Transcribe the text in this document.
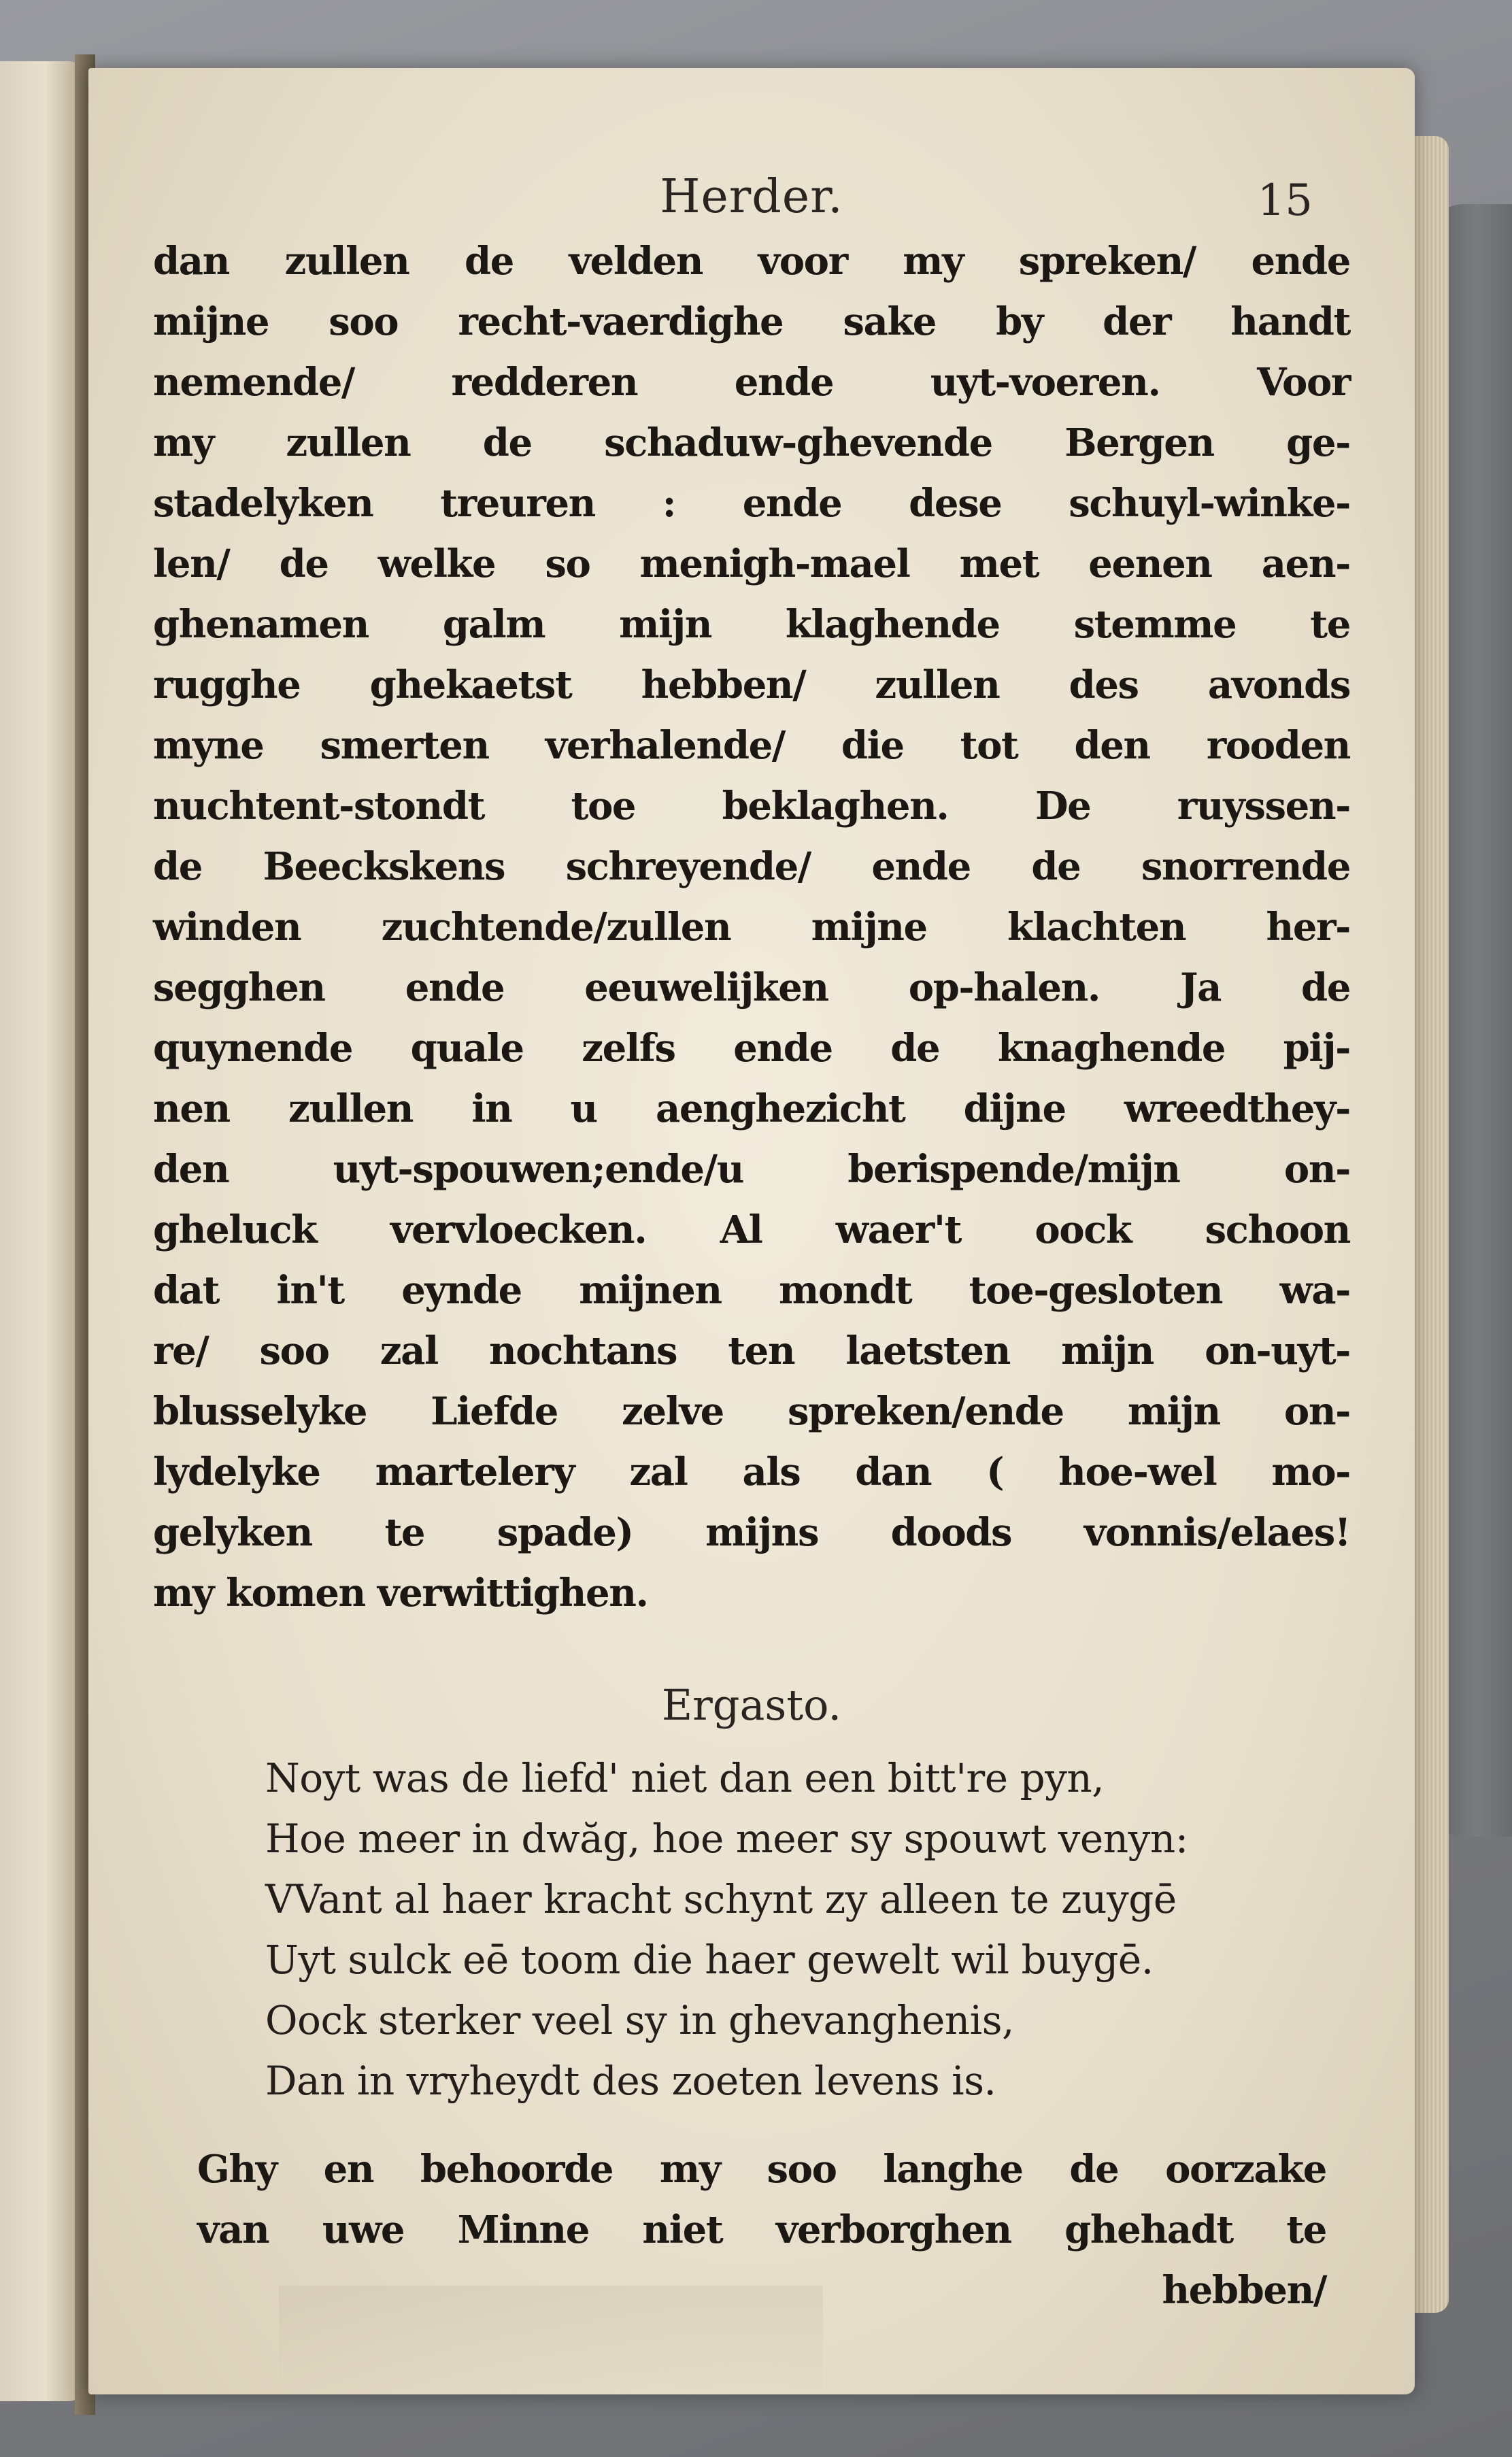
Herder.	15
dan zullen de velden voor my spreken/ ende
mijne soo recht-vaerdighe sake by der handt
nemende/ redderen ende uyt-voeren. Voor
my zullen de schaduw-ghevende Bergen ge-
stadelyken treuren : ende dese schuyl-winke-
len/ de welke so menigh-mael met eenen aen-
ghenamen galm mijn klaghende stemme te
rugghe ghekaetst hebben/ zullen des avonds
myne smerten verhalende/ die tot den rooden
nuchtent-stondt toe beklaghen. De ruyssen-
de Beeckskens schreyende/ ende de snorrende
winden zuchtende/zullen mijne klachten her-
segghen ende eeuwelijken op-halen. Ja de
quynende quale zelfs ende de knaghende pij-
nen zullen in u aenghezicht dijne wreedthey-
den uyt-spouwen;ende/u berispende/mijn on-
gheluck vervloecken. Al waer't oock schoon
dat in't eynde mijnen mondt toe-gesloten wa-
re/ soo zal nochtans ten laetsten mijn on-uyt-
blusselyke Liefde zelve spreken/ende mijn on-
lydelyke martelery zal als dan ( hoe-wel mo-
gelyken te spade) mijns doods vonnis/elaes!
my komen verwittighen.
Ergasto.
Noyt was de liefd' niet dan een bitt're pyn,
Hoe meer in dwăg, hoe meer sy spouwt venyn:
VVant al haer kracht schynt zy alleen te zuygē
Uyt sulck eē toom die haer gewelt wil buygē.
Oock sterker veel sy in ghevanghenis,
Dan in vryheydt des zoeten levens is.
Ghy en behoorde my soo langhe de oorzake
van uwe Minne niet verborghen ghehadt te
hebben/
